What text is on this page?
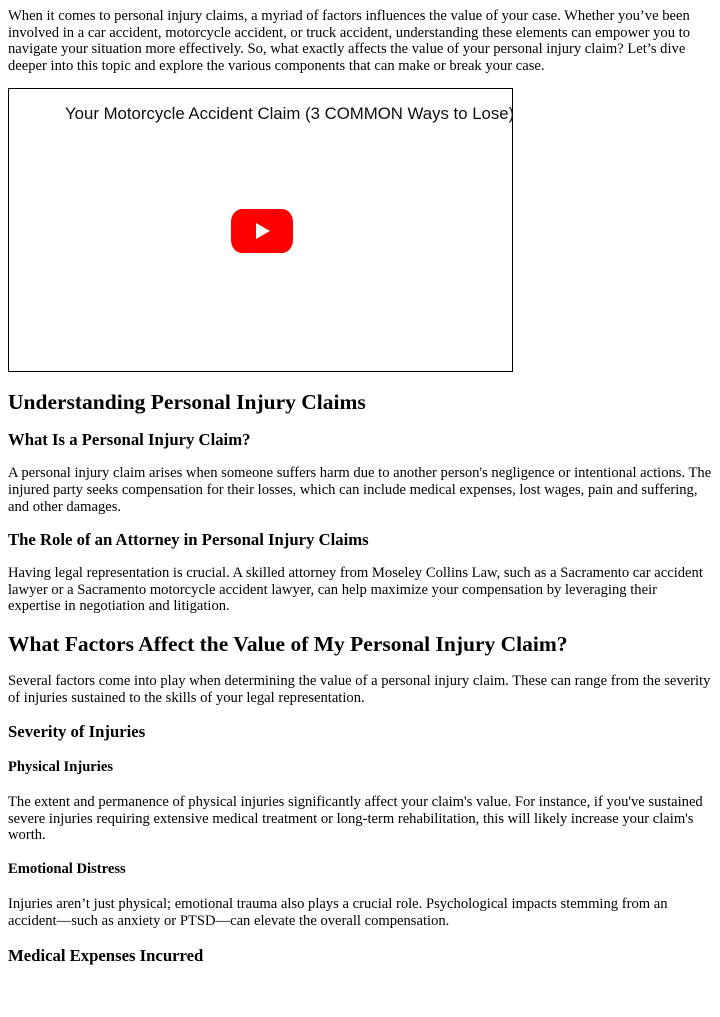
When it comes to personal injury claims, a myriad of factors influences the value of your case. Whether you’ve been involved in a car accident, motorcycle accident, or truck accident, understanding these elements can empower you to navigate your situation more effectively. So, what exactly affects the value of your personal injury claim? Let’s dive deeper into this topic and explore the various components that can make or break your case.

Your Motorcycle Accident Claim (3 COMMON Ways to Lose)
Understanding Personal Injury Claims
What Is a Personal Injury Claim?

A personal injury claim arises when someone suffers harm due to another person's negligence or intentional actions. The injured party seeks compensation for their losses, which can include medical expenses, lost wages, pain and suffering, and other damages.

The Role of an Attorney in Personal Injury Claims

Having legal representation is crucial. A skilled attorney from Moseley Collins Law, such as a Sacramento car accident lawyer or a Sacramento motorcycle accident lawyer, can help maximize your compensation by leveraging their expertise in negotiation and litigation.

What Factors Affect the Value of My Personal Injury Claim?

Several factors come into play when determining the value of a personal injury claim. These can range from the severity of injuries sustained to the skills of your legal representation.

Severity of Injuries
Physical Injuries

The extent and permanence of physical injuries significantly affect your claim's value. For instance, if you've sustained severe injuries requiring extensive medical treatment or long-term rehabilitation, this will likely increase your claim's worth.

Emotional Distress

Injuries aren’t just physical; emotional trauma also plays a crucial role. Psychological impacts stemming from an accident—such as anxiety or PTSD—can elevate the overall compensation.

Medical Expenses Incurred
